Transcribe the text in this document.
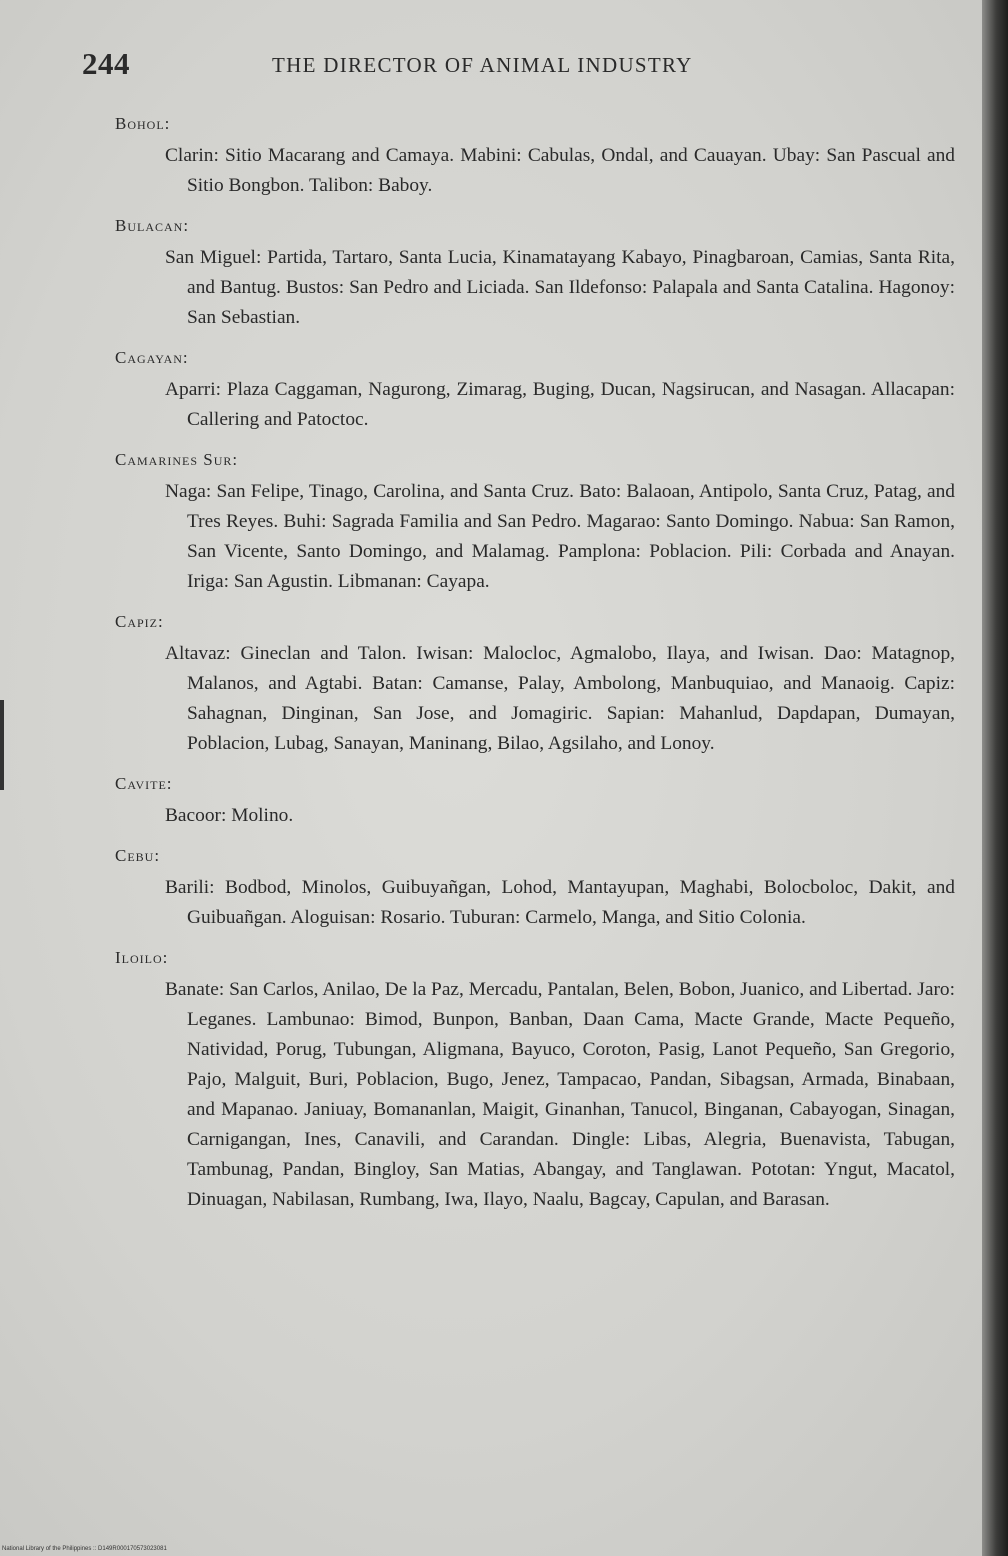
244	THE DIRECTOR OF ANIMAL INDUSTRY
Bohol:
Clarin: Sitio Macarang and Camaya. Mabini: Cabulas, Ondal, and Cauayan. Ubay: San Pascual and Sitio Bongbon. Talibon: Baboy.
Bulacan:
San Miguel: Partida, Tartaro, Santa Lucia, Kinamatayang Kabayo, Pinagbaroan, Camias, Santa Rita, and Bantug. Bustos: San Pedro and Liciada. San Ildefonso: Palapala and Santa Catalina. Hagonoy: San Sebastian.
Cagayan:
Aparri: Plaza Caggaman, Nagurong, Zimarag, Buging, Ducan, Nagsirucan, and Nasagan. Allacapan: Callering and Patoctoc.
Camarines Sur:
Naga: San Felipe, Tinago, Carolina, and Santa Cruz. Bato: Balaoan, Antipolo, Santa Cruz, Patag, and Tres Reyes. Buhi: Sagrada Familia and San Pedro. Magarao: Santo Domingo. Nabua: San Ramon, San Vicente, Santo Domingo, and Malamag. Pamplona: Poblacion. Pili: Corbada and Anayan. Iriga: San Agustin. Libmanan: Cayapa.
Capiz:
Altavaz: Gineclan and Talon. Iwisan: Malocloc, Agmalobo, Ilaya, and Iwisan. Dao: Matagnop, Malanos, and Agtabi. Batan: Camanse, Palay, Ambolong, Manbuquiao, and Manaoig. Capiz: Sahagnan, Dinginan, San Jose, and Jomagiric. Sapian: Mahanlud, Dapdapan, Dumayan, Poblacion, Lubag, Sanayan, Maninang, Bilao, Agsilaho, and Lonoy.
Cavite:
Bacoor: Molino.
Cebu:
Barili: Bodbod, Minolos, Guibuyañgan, Lohod, Mantayupan, Maghabi, Bolocboloc, Dakit, and Guibuañgan. Aloguisan: Rosario. Tuburan: Carmelo, Manga, and Sitio Colonia.
Iloilo:
Banate: San Carlos, Anilao, De la Paz, Mercadu, Pantalan, Belen, Bobon, Juanico, and Libertad. Jaro: Leganes. Lambunao: Bimod, Bunpon, Banban, Daan Cama, Macte Grande, Macte Pequeño, Natividad, Porug, Tubungan, Aligmana, Bayuco, Coroton, Pasig, Lanot Pequeño, San Gregorio, Pajo, Malguit, Buri, Poblacion, Bugo, Jenez, Tampacao, Pandan, Sibagsan, Armada, Binabaan, and Mapanao. Janiuay, Bomananlan, Maigit, Ginanhan, Tanucol, Binganan, Cabayogan, Sinagan, Carnigangan, Ines, Canavili, and Carandan. Dingle: Libas, Alegria, Buenavista, Tabugan, Tambunag, Pandan, Bingloy, San Matias, Abangay, and Tanglawan. Pototan: Yngut, Macatol, Dinuagan, Nabilasan, Rumbang, Iwa, Ilayo, Naalu, Bagcay, Capulan, and Barasan.
National Library of the Philippines :: D149R000170573023081
